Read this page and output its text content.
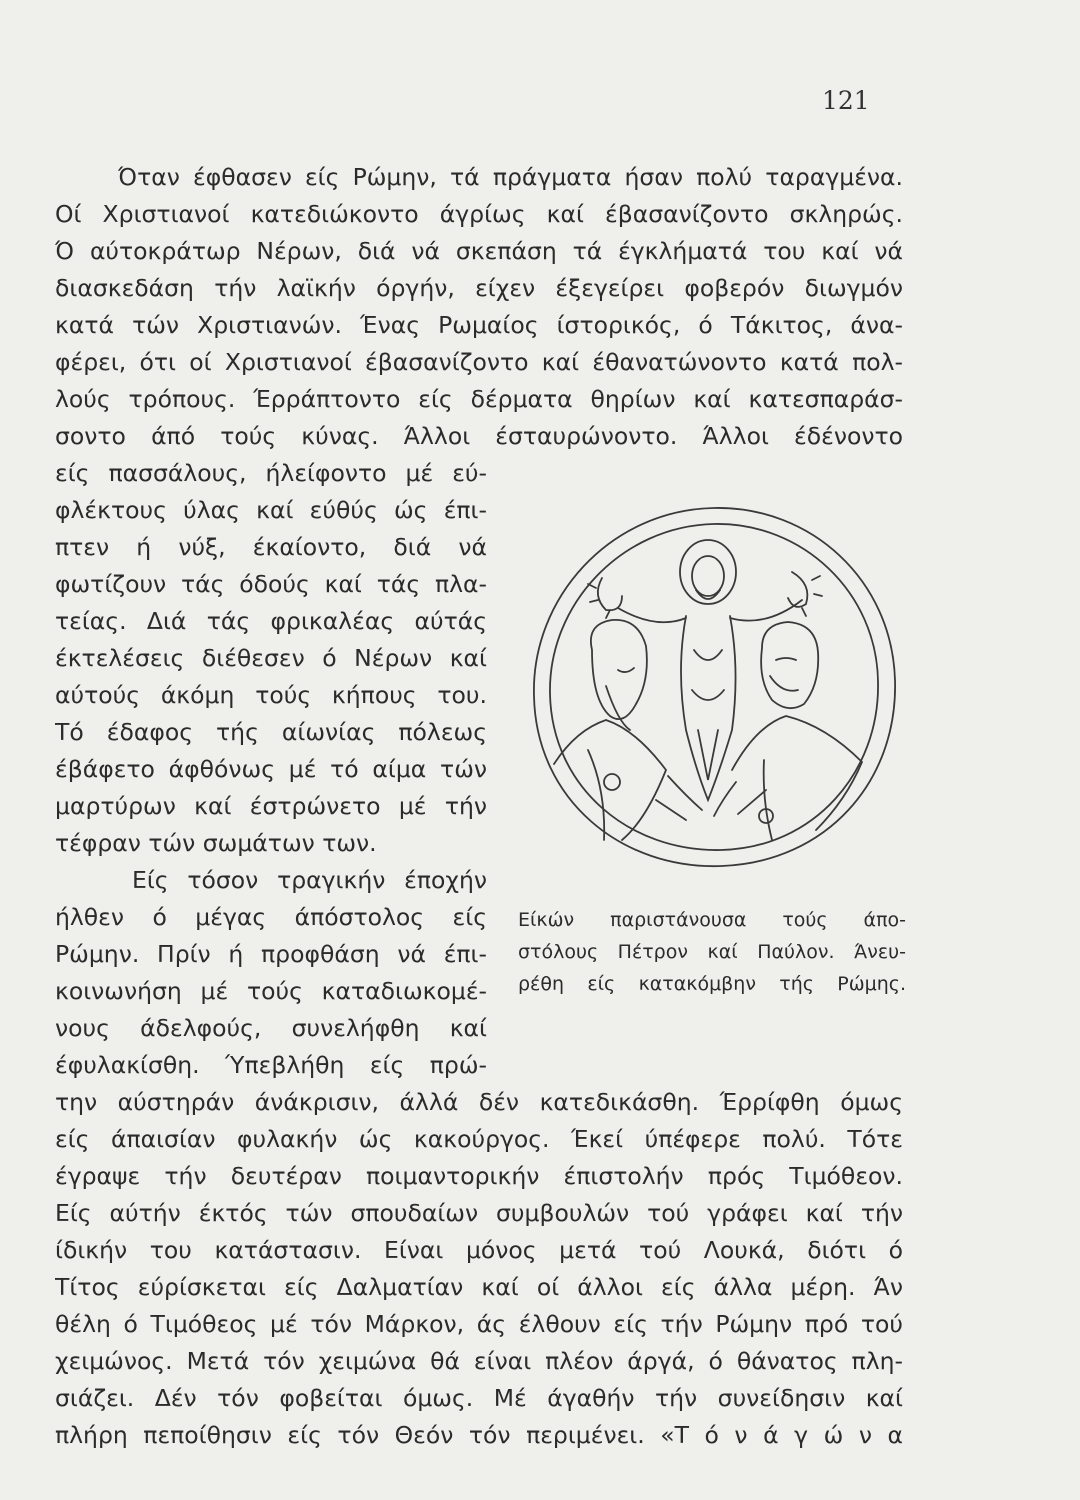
121
Όταν έφθασεν είς Ρώμην, τά πράγματα ήσαν πολύ ταραγμένα.
Οί Χριστιανοί κατεδιώκοντο άγρίως καί έβασανίζοντο σκληρώς.
Ό αύτοκράτωρ Νέρων, διά νά σκεπάση τά έγκλήματά του καί νά
διασκεδάση τήν λαϊκήν όργήν, είχεν έξεγείρει φοβερόν διωγμόν
κατά τών Χριστιανών. Ένας Ρωμαίος ίστορικός, ό Τάκιτος, άνα-
φέρει, ότι οί Χριστιανοί έβασανίζοντο καί έθανατώνοντο κατά πολ-
λούς τρόπους. Έρράπτοντο είς δέρματα θηρίων καί κατεσπαράσ-
σοντο άπό τούς κύνας. Άλλοι έσταυρώνοντο. Άλλοι έδένοντο
είς πασσάλους, ήλείφοντο μέ εύ-
φλέκτους ύλας καί εύθύς ώς έπι-
πτεν ή νύξ, έκαίοντο, διά νά
φωτίζουν τάς όδούς καί τάς πλα-
τείας. Διά τάς φρικαλέας αύτάς
έκτελέσεις διέθεσεν ό Νέρων καί
αύτούς άκόμη τούς κήπους του.
Τό έδαφος τής αίωνίας πόλεως
έβάφετο άφθόνως μέ τό αίμα τών
μαρτύρων καί έστρώνετο μέ τήν
τέφραν τών σωμάτων των.
Είς τόσον τραγικήν έποχήν
ήλθεν ό μέγας άπόστολος είς
Ρώμην. Πρίν ή προφθάση νά έπι-
κοινωνήση μέ τούς καταδιωκομέ-
νους άδελφούς, συνελήφθη καί
έφυλακίσθη. Ύπεβλήθη είς πρώ-
την αύστηράν άνάκρισιν, άλλά δέν κατεδικάσθη. Έρρίφθη όμως
είς άπαισίαν φυλακήν ώς κακούργος. Έκεί ύπέφερε πολύ. Τότε
έγραψε τήν δευτέραν ποιμαντορικήν έπιστολήν πρός Τιμόθεον.
Είς αύτήν έκτός τών σπουδαίων συμβουλών τού γράφει καί τήν
ίδικήν του κατάστασιν. Είναι μόνος μετά τού Λουκά, διότι ό
Τίτος εύρίσκεται είς Δαλματίαν καί οί άλλοι είς άλλα μέρη. Άν
θέλη ό Τιμόθεος μέ τόν Μάρκον, άς έλθουν είς τήν Ρώμην πρό τού
χειμώνος. Μετά τόν χειμώνα θά είναι πλέον άργά, ό θάνατος πλη-
σιάζει. Δέν τόν φοβείται όμως. Μέ άγαθήν τήν συνείδησιν καί
πλήρη πεποίθησιν είς τόν Θεόν τόν περιμένει. «Τ ό ν ά γ ώ ν α
Είκών παριστάνουσα τούς άπο-
στόλους Πέτρον καί Παύλον. Άνευ-
ρέθη είς κατακόμβην τής Ρώμης.
